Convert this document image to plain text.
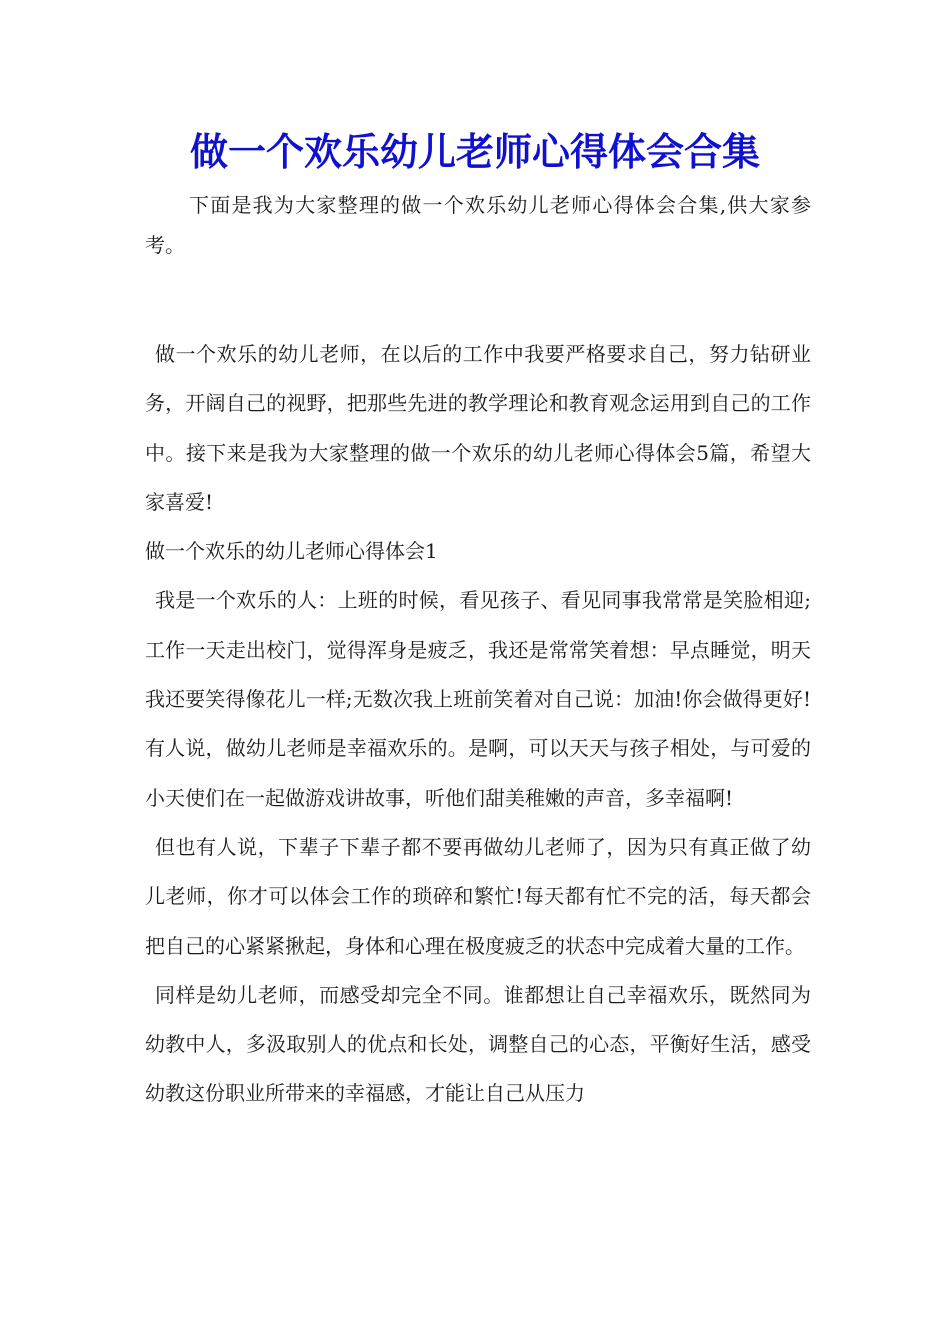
做一个欢乐幼儿老师心得体会合集
下面是我为大家整理的做一个欢乐幼儿老师心得体会合集,供大家参考。

做一个欢乐的幼儿老师，在以后的工作中我要严格要求自己，努力钻研业务，开阔自己的视野，把那些先进的教学理论和教育观念运用到自己的工作中。接下来是我为大家整理的做一个欢乐的幼儿老师心得体会5篇，希望大家喜爱!

做一个欢乐的幼儿老师心得体会1

我是一个欢乐的人：上班的时候，看见孩子、看见同事我常常是笑脸相迎;工作一天走出校门，觉得浑身是疲乏，我还是常常笑着想：早点睡觉，明天我还要笑得像花儿一样;无数次我上班前笑着对自己说：加油!你会做得更好!有人说，做幼儿老师是幸福欢乐的。是啊，可以天天与孩子相处，与可爱的小天使们在一起做游戏讲故事，听他们甜美稚嫩的声音，多幸福啊!

但也有人说，下辈子下辈子都不要再做幼儿老师了，因为只有真正做了幼儿老师，你才可以体会工作的琐碎和繁忙!每天都有忙不完的活，每天都会把自己的心紧紧揪起，身体和心理在极度疲乏的状态中完成着大量的工作。

同样是幼儿老师，而感受却完全不同。谁都想让自己幸福欢乐，既然同为幼教中人，多汲取别人的优点和长处，调整自己的心态，平衡好生活，感受幼教这份职业所带来的幸福感，才能让自己从压力
